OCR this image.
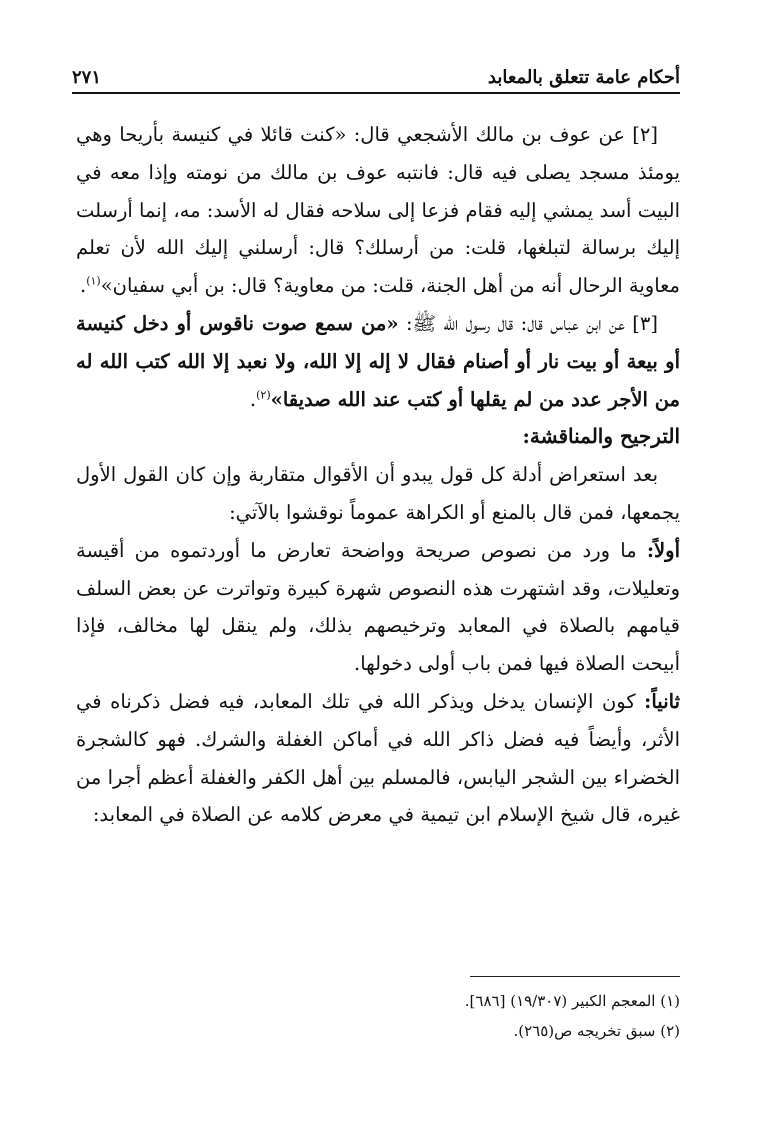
أحكام عامة تتعلق بالمعابد
٢٧١

[٢] عن عوف بن مالك الأشجعي قال: «كنت قائلا في كنيسة بأريحا وهي يومئذ مسجد يصلى فيه قال: فانتبه عوف بن مالك من نومته وإذا معه في البيت أسد يمشي إليه فقام فزعا إلى سلاحه فقال له الأسد: مه، إنما أرسلت إليك برسالة لتبلغها، قلت: من أرسلك؟ قال: أرسلني إليك الله لأن تعلم معاوية الرحال أنه من أهل الجنة، قلت: من معاوية؟ قال: بن أبي سفيان»$^{(١)}$.

[٣] عن ابن عباس قال: قال رسول الله ﷺ: «من سمع صوت ناقوس أو دخل كنيسة أو بيعة أو بيت نار أو أصنام فقال لا إله إلا الله، ولا نعبد إلا الله كتب الله له من الأجر عدد من لم يقلها أو كتب عند الله صديقا»$^{(٢)}$.

الترجيح والمناقشة:

بعد استعراض أدلة كل قول يبدو أن الأقوال متقاربة وإن كان القول الأول يجمعها، فمن قال بالمنع أو الكراهة عموماً نوقشوا بالآتي:

أولاً: ما ورد من نصوص صريحة وواضحة تعارض ما أوردتموه من أقيسة وتعليلات، وقد اشتهرت هذه النصوص شهرة كبيرة وتواترت عن بعض السلف قيامهم بالصلاة في المعابد وترخيصهم بذلك، ولم ينقل لها مخالف، فإذا أبيحت الصلاة فيها فمن باب أولى دخولها.

ثانياً: كون الإنسان يدخل ويذكر الله في تلك المعابد، فيه فضل ذكرناه في الأثر، وأيضاً فيه فضل ذاكر الله في أماكن الغفلة والشرك. فهو كالشجرة الخضراء بين الشجر اليابس، فالمسلم بين أهل الكفر والغفلة أعظم أجرا من غيره، قال شيخ الإسلام ابن تيمية في معرض كلامه عن الصلاة في المعابد:

(١) المعجم الكبير (١٩/٣٠٧) [٦٨٦].
(٢) سبق تخريجه ص(٢٦٥).
